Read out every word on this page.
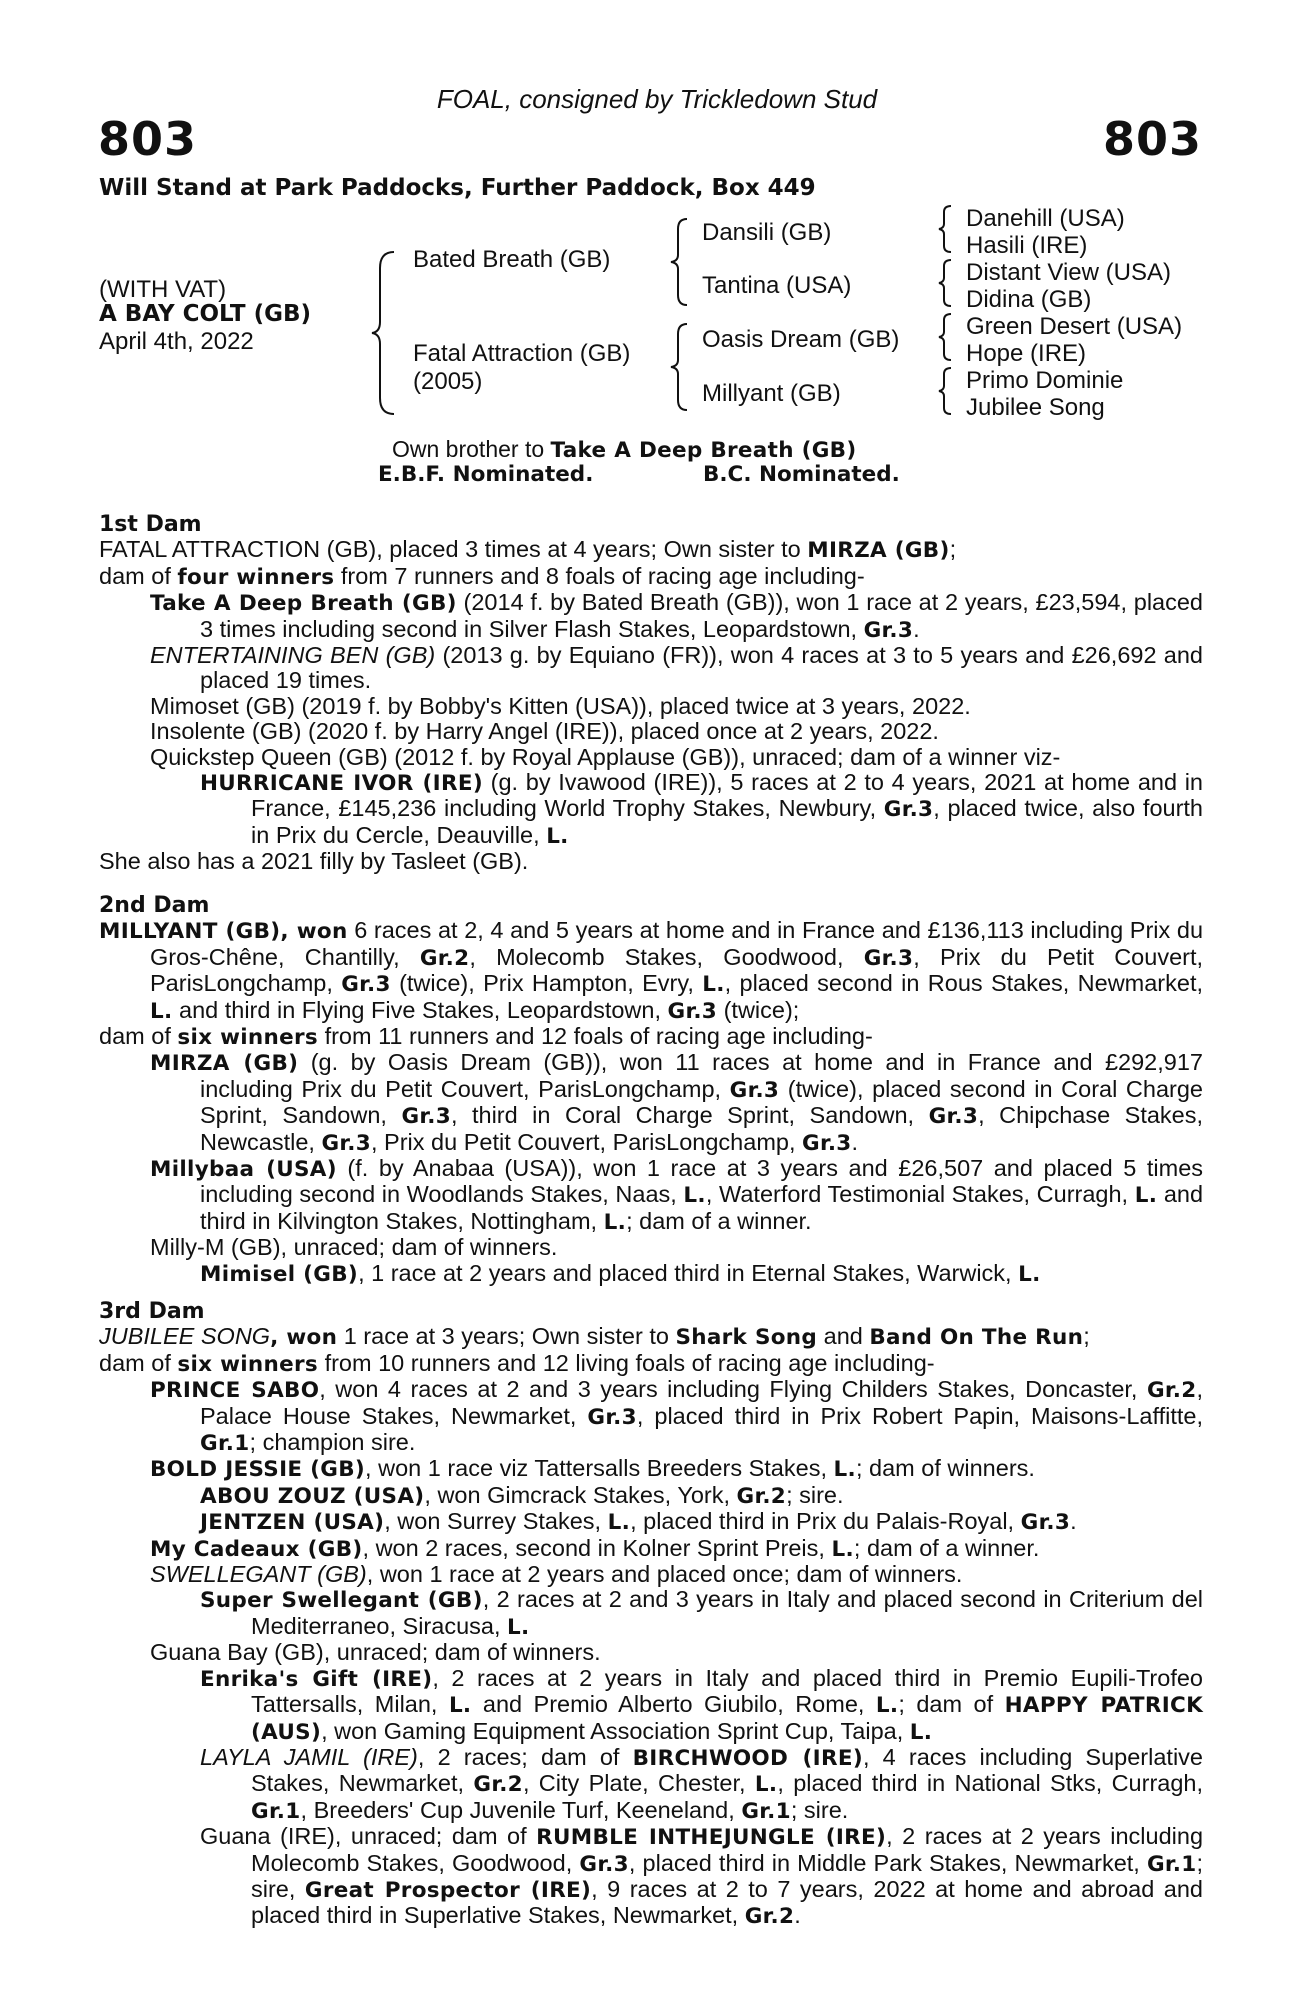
FOAL, consigned by Trickledown Stud
803	803
Will Stand at Park Paddocks, Further Paddock, Box 449
(WITH VAT)
A BAY COLT (GB)
April 4th, 2022
Bated Breath (GB)
Fatal Attraction (GB)
(2005)
Dansili (GB)
Tantina (USA)
Oasis Dream (GB)
Millyant (GB)
Danehill (USA)
Hasili (IRE)
Distant View (USA)
Didina (GB)
Green Desert (USA)
Hope (IRE)
Primo Dominie
Jubilee Song
Own brother to Take A Deep Breath (GB)
E.B.F. Nominated.	B.C. Nominated.

1st Dam

FATAL ATTRACTION (GB), placed 3 times at 4 years; Own sister to MIRZA (GB);

dam of four winners from 7 runners and 8 foals of racing age including-

Take A Deep Breath (GB) (2014 f. by Bated Breath (GB)), won 1 race at 2 years, £23,594, placed 3 times including second in Silver Flash Stakes, Leopardstown, Gr.3.

ENTERTAINING BEN (GB) (2013 g. by Equiano (FR)), won 4 races at 3 to 5 years and £26,692 and placed 19 times.

Mimoset (GB) (2019 f. by Bobby's Kitten (USA)), placed twice at 3 years, 2022.

Insolente (GB) (2020 f. by Harry Angel (IRE)), placed once at 2 years, 2022.

Quickstep Queen (GB) (2012 f. by Royal Applause (GB)), unraced; dam of a winner viz-

HURRICANE IVOR (IRE) (g. by Ivawood (IRE)), 5 races at 2 to 4 years, 2021 at home and in France, £145,236 including World Trophy Stakes, Newbury, Gr.3, placed twice, also fourth in Prix du Cercle, Deauville, L.

She also has a 2021 filly by Tasleet (GB).

2nd Dam

MILLYANT (GB), won 6 races at 2, 4 and 5 years at home and in France and £136,113 including Prix du Gros-Chêne, Chantilly, Gr.2, Molecomb Stakes, Goodwood, Gr.3, Prix du Petit Couvert, ParisLongchamp, Gr.3 (twice), Prix Hampton, Evry, L., placed second in Rous Stakes, Newmarket, L. and third in Flying Five Stakes, Leopardstown, Gr.3 (twice);

dam of six winners from 11 runners and 12 foals of racing age including-

MIRZA (GB) (g. by Oasis Dream (GB)), won 11 races at home and in France and £292,917 including Prix du Petit Couvert, ParisLongchamp, Gr.3 (twice), placed second in Coral Charge Sprint, Sandown, Gr.3, third in Coral Charge Sprint, Sandown, Gr.3, Chipchase Stakes, Newcastle, Gr.3, Prix du Petit Couvert, ParisLongchamp, Gr.3.

Millybaa (USA) (f. by Anabaa (USA)), won 1 race at 3 years and £26,507 and placed 5 times including second in Woodlands Stakes, Naas, L., Waterford Testimonial Stakes, Curragh, L. and third in Kilvington Stakes, Nottingham, L.; dam of a winner.

Milly-M (GB), unraced; dam of winners.

Mimisel (GB), 1 race at 2 years and placed third in Eternal Stakes, Warwick, L.

3rd Dam

JUBILEE SONG, won 1 race at 3 years; Own sister to Shark Song and Band On The Run;

dam of six winners from 10 runners and 12 living foals of racing age including-

PRINCE SABO, won 4 races at 2 and 3 years including Flying Childers Stakes, Doncaster, Gr.2, Palace House Stakes, Newmarket, Gr.3, placed third in Prix Robert Papin, Maisons-Laffitte, Gr.1; champion sire.

BOLD JESSIE (GB), won 1 race viz Tattersalls Breeders Stakes, L.; dam of winners.

ABOU ZOUZ (USA), won Gimcrack Stakes, York, Gr.2; sire.

JENTZEN (USA), won Surrey Stakes, L., placed third in Prix du Palais-Royal, Gr.3.

My Cadeaux (GB), won 2 races, second in Kolner Sprint Preis, L.; dam of a winner.

SWELLEGANT (GB), won 1 race at 2 years and placed once; dam of winners.

Super Swellegant (GB), 2 races at 2 and 3 years in Italy and placed second in Criterium del Mediterraneo, Siracusa, L.

Guana Bay (GB), unraced; dam of winners.

Enrika's Gift (IRE), 2 races at 2 years in Italy and placed third in Premio Eupili-Trofeo Tattersalls, Milan, L. and Premio Alberto Giubilo, Rome, L.; dam of HAPPY PATRICK (AUS), won Gaming Equipment Association Sprint Cup, Taipa, L.

LAYLA JAMIL (IRE), 2 races; dam of BIRCHWOOD (IRE), 4 races including Superlative Stakes, Newmarket, Gr.2, City Plate, Chester, L., placed third in National Stks, Curragh, Gr.1, Breeders' Cup Juvenile Turf, Keeneland, Gr.1; sire.

Guana (IRE), unraced; dam of RUMBLE INTHEJUNGLE (IRE), 2 races at 2 years including Molecomb Stakes, Goodwood, Gr.3, placed third in Middle Park Stakes, Newmarket, Gr.1; sire, Great Prospector (IRE), 9 races at 2 to 7 years, 2022 at home and abroad and placed third in Superlative Stakes, Newmarket, Gr.2.
